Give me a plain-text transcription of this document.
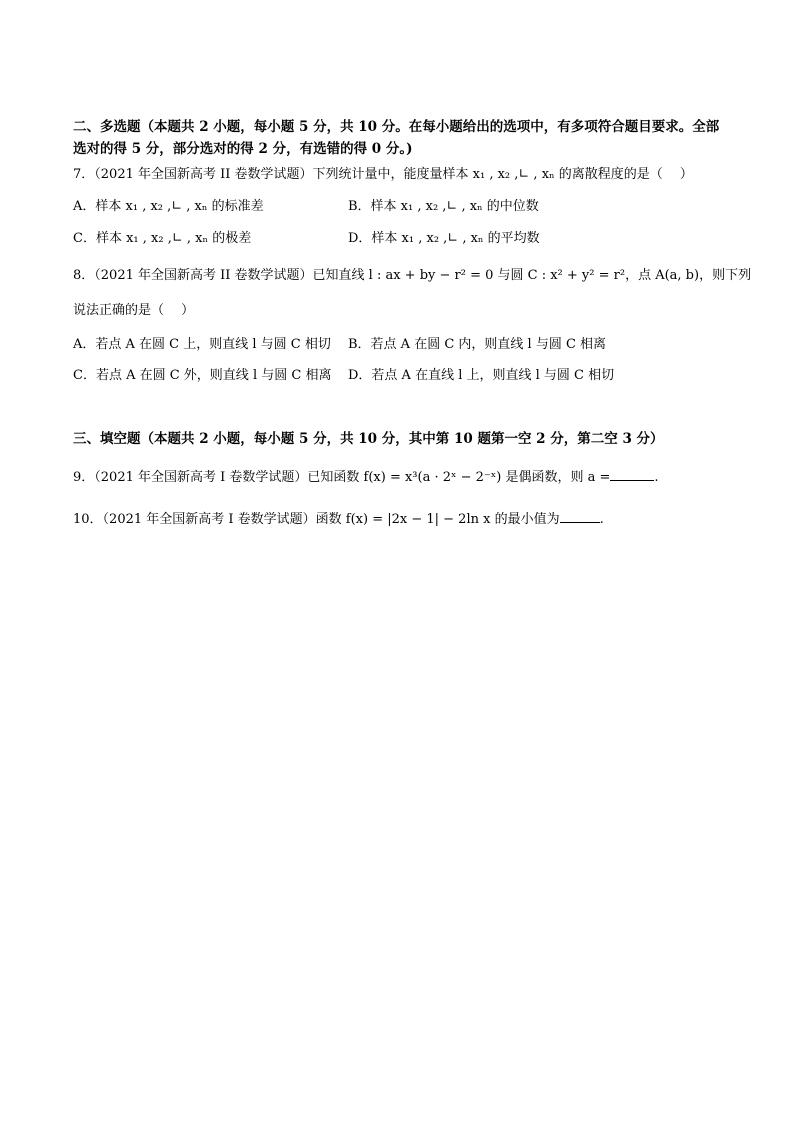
二、多选题（本题共 2 小题，每小题 5 分，共 10 分。在每小题给出的选项中，有多项符合题目要求。全部
选对的得 5 分，部分选对的得 2 分，有选错的得 0 分。)
7．（2021 年全国新高考 II 卷数学试题）下列统计量中，能度量样本 x₁ , x₂ ,∟ , xₙ 的离散程度的是（　 ）
A．样本 x₁ , x₂ ,∟ , xₙ 的标准差	B．样本 x₁ , x₂ ,∟ , xₙ 的中位数
C．样本 x₁ , x₂ ,∟ , xₙ 的极差	D．样本 x₁ , x₂ ,∟ , xₙ 的平均数
8．（2021 年全国新高考 II 卷数学试题）已知直线 l : ax + by − r² = 0 与圆 C : x² + y² = r²，点 A(a, b)，则下列
说法正确的是（　 ）
A．若点 A 在圆 C 上，则直线 l 与圆 C 相切 B．若点 A 在圆 C 内，则直线 l 与圆 C 相离
C．若点 A 在圆 C 外，则直线 l 与圆 C 相离 D．若点 A 在直线 l 上，则直线 l 与圆 C 相切
三、填空题（本题共 2 小题，每小题 5 分，共 10 分，其中第 10 题第一空 2 分，第二空 3 分）
9．（2021 年全国新高考 I 卷数学试题）已知函数 f(x) = x³(a · 2ˣ − 2⁻ˣ) 是偶函数，则 a =	.
10．（2021 年全国新高考 I 卷数学试题）函数 f(x) = |2x − 1| − 2ln x 的最小值为	.
